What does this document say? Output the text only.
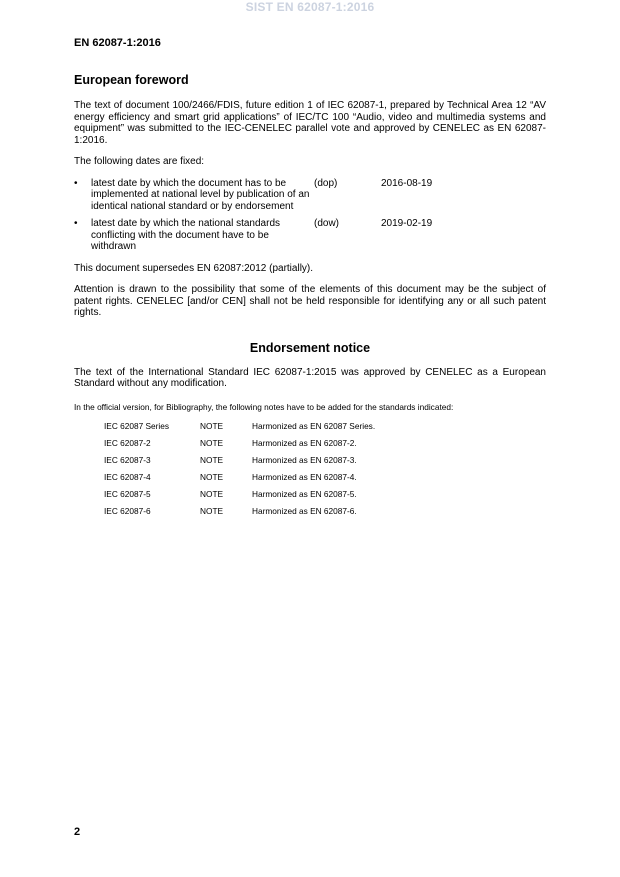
SIST EN 62087-1:2016
EN 62087-1:2016
European foreword

The text of document 100/2466/FDIS, future edition 1 of IEC 62087-1, prepared by Technical Area 12 “AV energy efficiency and smart grid applications” of IEC/TC 100 “Audio, video and multimedia systems and equipment” was submitted to the IEC-CENELEC parallel vote and approved by CENELEC as EN 62087-1:2016.

The following dates are fixed:

•	latest date by which the document has to be implemented at national level by publication of an identical national standard or by endorsement
(dop)	2016-08-19
•	latest date by which the national standards conflicting with the document have to be withdrawn
(dow)	2019-02-19

This document supersedes EN 62087:2012 (partially).

Attention is drawn to the possibility that some of the elements of this document may be the subject of patent rights. CENELEC [and/or CEN] shall not be held responsible for identifying any or all such patent rights.

Endorsement notice

The text of the International Standard IEC 62087-1:2015 was approved by CENELEC as a European Standard without any modification.

In the official version, for Bibliography, the following notes have to be added for the standards indicated:

IEC 62087 Series	NOTE	Harmonized as EN 62087 Series.
IEC 62087-2	NOTE	Harmonized as EN 62087-2.
IEC 62087-3	NOTE	Harmonized as EN 62087-3.
IEC 62087-4	NOTE	Harmonized as EN 62087-4.
IEC 62087-5	NOTE	Harmonized as EN 62087-5.
IEC 62087-6	NOTE	Harmonized as EN 62087-6.
2
